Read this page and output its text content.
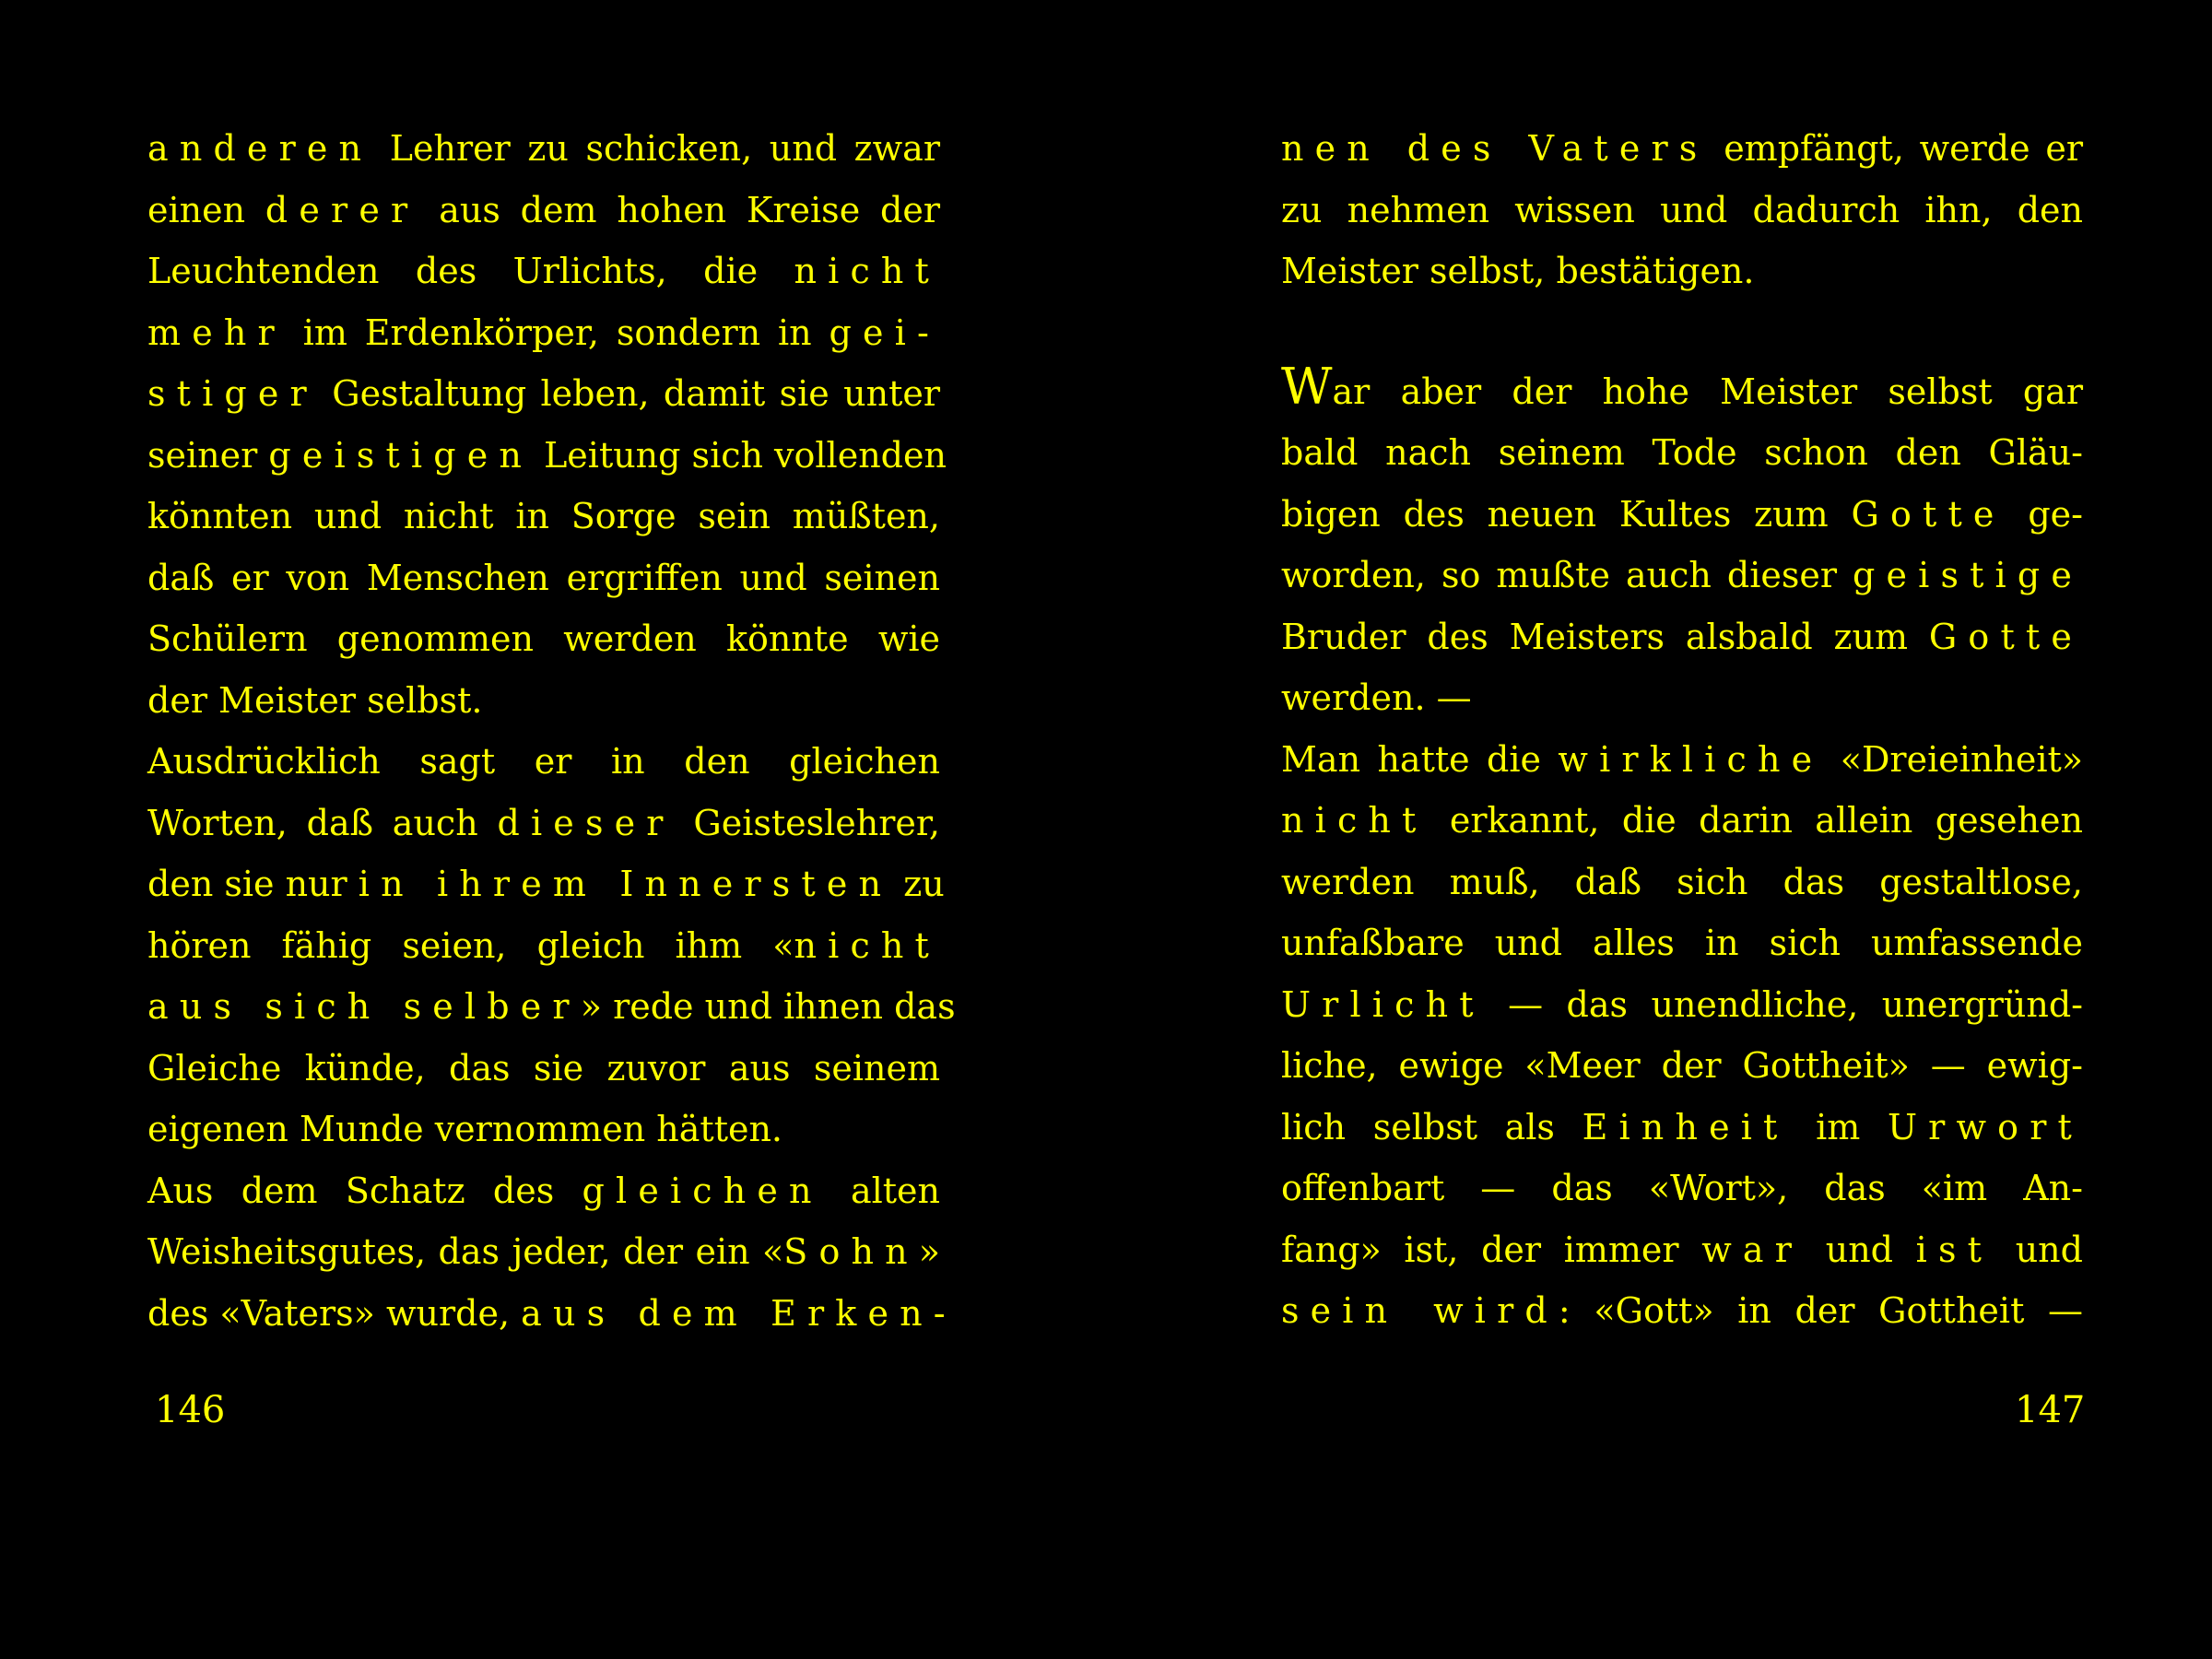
anderen Lehrer zu schicken, und zwar
einen derer aus dem hohen Kreise der
Leuchtenden des Urlichts, die nicht
mehr im Erdenkörper, sondern in gei-
stiger Gestaltung leben, damit sie unter
seiner geistigen Leitung sich vollenden
könnten und nicht in Sorge sein müßten,
daß er von Menschen ergriffen und seinen
Schülern genommen werden könnte wie
der Meister selbst.
Ausdrücklich sagt er in den gleichen
Worten, daß auch dieser Geisteslehrer,
den sie nur in ihrem Innersten zu
hören fähig seien, gleich ihm «nicht
aus sich selber» rede und ihnen das
Gleiche künde, das sie zuvor aus seinem
eigenen Munde vernommen hätten.
Aus dem Schatz des gleichen alten
Weisheitsgutes, das jeder, der ein «Sohn»
des «Vaters» wurde, aus dem Erken-
146
nen des Vaters empfängt, werde er
zu nehmen wissen und dadurch ihn, den
Meister selbst, bestätigen.
War aber der hohe Meister selbst gar
bald nach seinem Tode schon den Gläu-
bigen des neuen Kultes zum Gotte ge-
worden, so mußte auch dieser geistige
Bruder des Meisters alsbald zum Gotte
werden. —
Man hatte die wirkliche «Dreieinheit»
nicht erkannt, die darin allein gesehen
werden muß, daß sich das gestaltlose,
unfaßbare und alles in sich umfassende
Urlicht — das unendliche, unergründ-
liche, ewige «Meer der Gottheit» — ewig-
lich selbst als Einheit im Urwort
offenbart — das «Wort», das «im An-
fang» ist, der immer war und ist und
sein wird: «Gott» in der Gottheit —
147
